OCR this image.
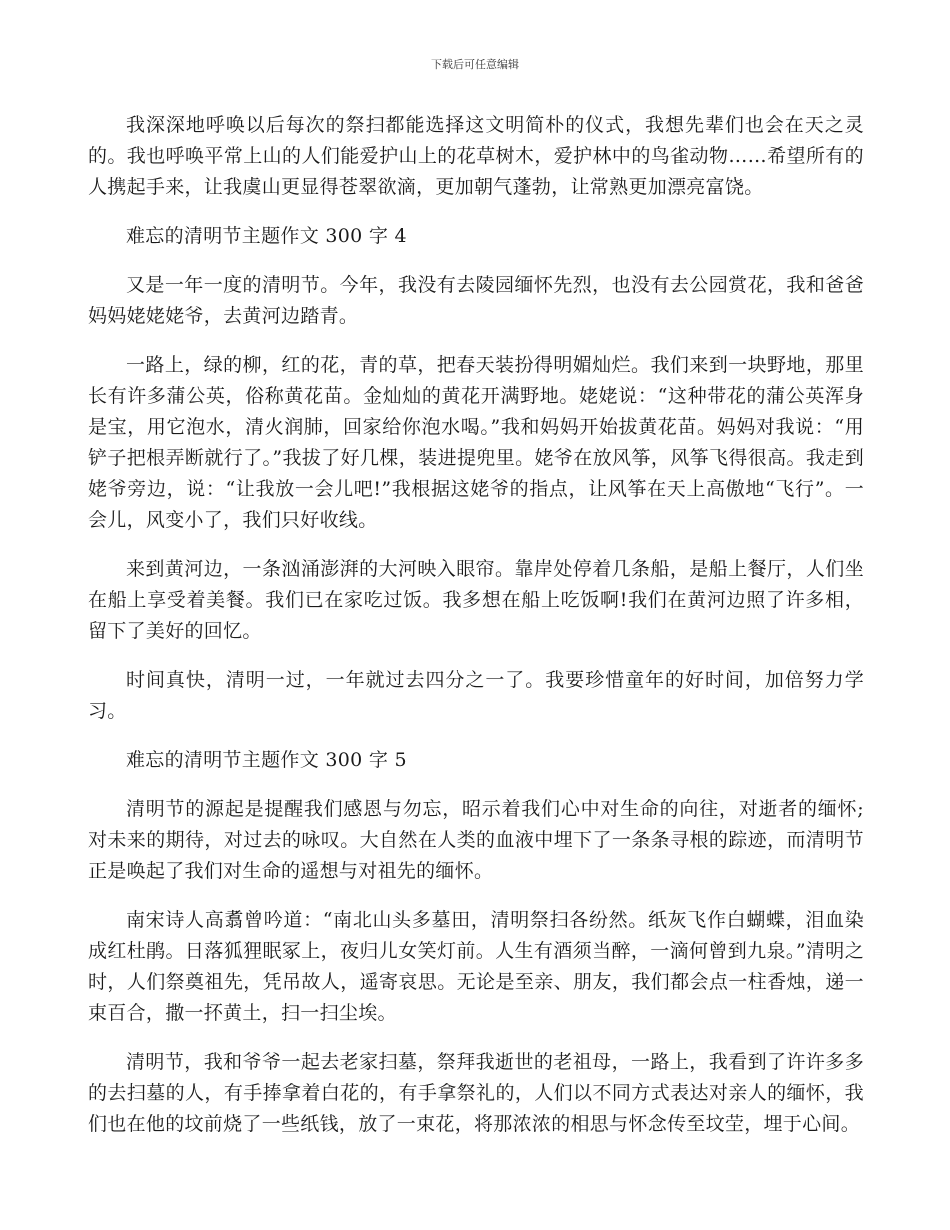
下载后可任意编辑

我深深地呼唤以后每次的祭扫都能选择这文明简朴的仪式，我想先辈们也会在天之灵的。我也呼唤平常上山的人们能爱护山上的花草树木，爱护林中的鸟雀动物……希望所有的人携起手来，让我虞山更显得苍翠欲滴，更加朝气蓬勃，让常熟更加漂亮富饶。

难忘的清明节主题作文 300 字 4

又是一年一度的清明节。今年，我没有去陵园缅怀先烈，也没有去公园赏花，我和爸爸妈妈姥姥姥爷，去黄河边踏青。

一路上，绿的柳，红的花，青的草，把春天装扮得明媚灿烂。我们来到一块野地，那里长有许多蒲公英，俗称黄花苗。金灿灿的黄花开满野地。姥姥说：“这种带花的蒲公英浑身是宝，用它泡水，清火润肺，回家给你泡水喝。”我和妈妈开始拔黄花苗。妈妈对我说：“用铲子把根弄断就行了。”我拔了好几棵，装进提兜里。姥爷在放风筝，风筝飞得很高。我走到姥爷旁边，说：“让我放一会儿吧!”我根据这姥爷的指点，让风筝在天上高傲地“飞行”。一会儿，风变小了，我们只好收线。

来到黄河边，一条汹涌澎湃的大河映入眼帘。靠岸处停着几条船，是船上餐厅，人们坐在船上享受着美餐。我们已在家吃过饭。我多想在船上吃饭啊!我们在黄河边照了许多相，留下了美好的回忆。

时间真快，清明一过，一年就过去四分之一了。我要珍惜童年的好时间，加倍努力学习。

难忘的清明节主题作文 300 字 5

清明节的源起是提醒我们感恩与勿忘，昭示着我们心中对生命的向往，对逝者的缅怀;对未来的期待，对过去的咏叹。大自然在人类的血液中埋下了一条条寻根的踪迹，而清明节正是唤起了我们对生命的遥想与对祖先的缅怀。

南宋诗人高翥曾吟道：“南北山头多墓田，清明祭扫各纷然。纸灰飞作白蝴蝶，泪血染成红杜鹃。日落狐狸眠冢上，夜归儿女笑灯前。人生有酒须当醉，一滴何曾到九泉。”清明之时，人们祭奠祖先，凭吊故人，遥寄哀思。无论是至亲、朋友，我们都会点一柱香烛，递一束百合，撒一抔黄土，扫一扫尘埃。

清明节，我和爷爷一起去老家扫墓，祭拜我逝世的老祖母，一路上，我看到了许许多多的去扫墓的人，有手捧拿着白花的，有手拿祭礼的，人们以不同方式表达对亲人的缅怀，我们也在他的坟前烧了一些纸钱，放了一束花，将那浓浓的相思与怀念传至坟茔，埋于心间。
